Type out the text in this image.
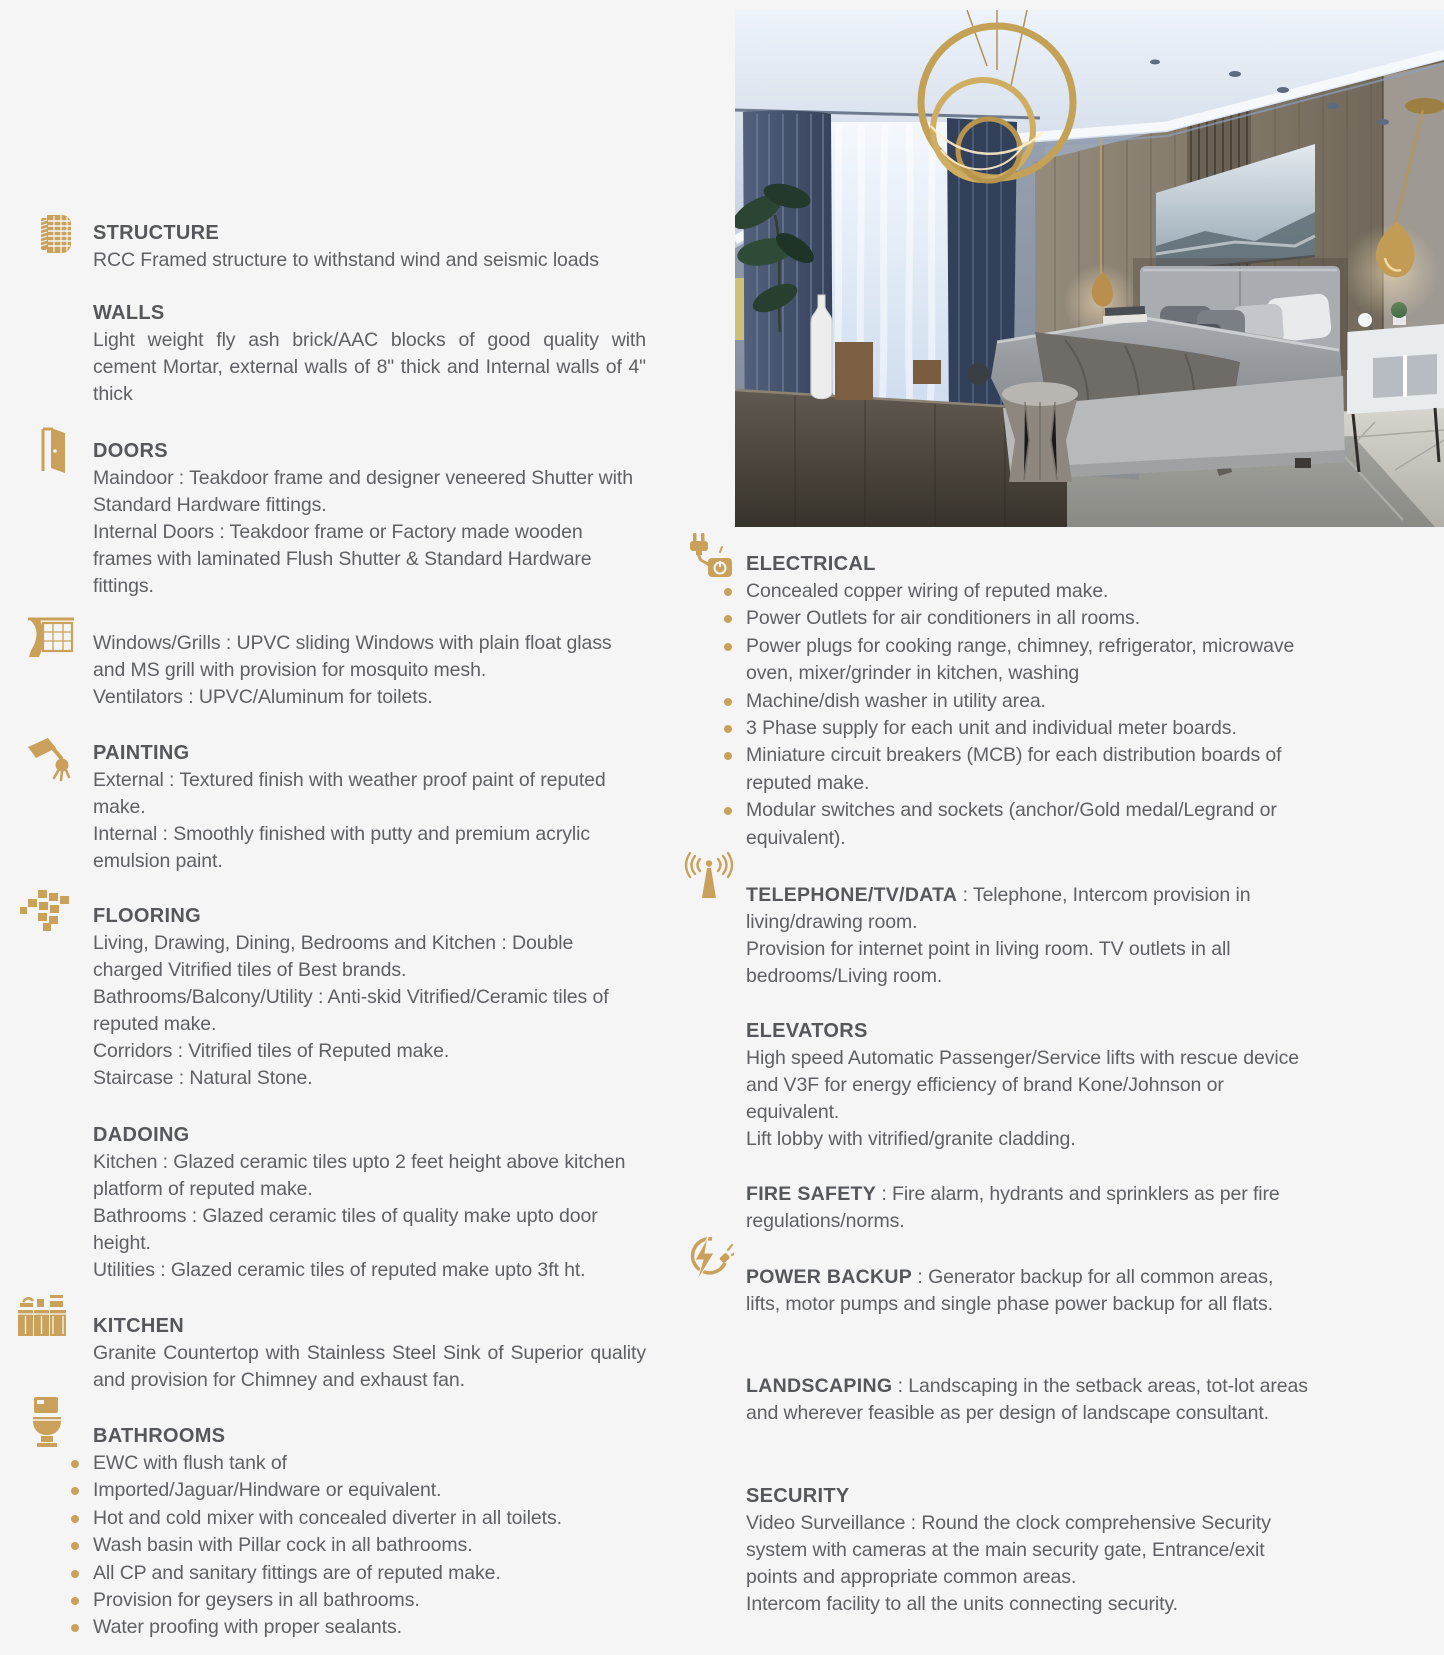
STRUCTURE

RCC Framed structure to withstand wind and seismic loads

WALLS

Light weight fly ash brick/AAC blocks of good quality with cement Mortar, external walls of 8" thick and Internal walls of 4" thick

DOORS

Maindoor : Teakdoor frame and designer veneered Shutter with Standard Hardware fittings.

Internal Doors : Teakdoor frame or Factory made wooden frames with laminated Flush Shutter & Standard Hardware fittings.

Windows/Grills : UPVC sliding Windows with plain float glass and MS grill with provision for mosquito mesh.

Ventilators : UPVC/Aluminum for toilets.

PAINTING

External : Textured finish with weather proof paint of reputed make.

Internal : Smoothly finished with putty and premium acrylic emulsion paint.

FLOORING

Living, Drawing, Dining, Bedrooms and Kitchen : Double charged Vitrified tiles of Best brands.

Bathrooms/Balcony/Utility : Anti-skid Vitrified/Ceramic tiles of reputed make.

Corridors : Vitrified tiles of Reputed make.

Staircase : Natural Stone.

DADOING

Kitchen : Glazed ceramic tiles upto 2 feet height above kitchen platform of reputed make.

Bathrooms : Glazed ceramic tiles of quality make upto door height.

Utilities : Glazed ceramic tiles of reputed make upto 3ft ht.

KITCHEN

Granite Countertop with Stainless Steel Sink of Superior quality and provision for Chimney and exhaust fan.

BATHROOMS
EWC with flush tank of
Imported/Jaguar/Hindware or equivalent.
Hot and cold mixer with concealed diverter in all toilets.
Wash basin with Pillar cock in all bathrooms.
All CP and sanitary fittings are of reputed make.
Provision for geysers in all bathrooms.
Water proofing with proper sealants.
ELECTRICAL
Concealed copper wiring of reputed make.
Power Outlets for air conditioners in all rooms.
Power plugs for cooking range, chimney, refrigerator, microwave oven, mixer/grinder in kitchen, washing
Machine/dish washer in utility area.
3 Phase supply for each unit and individual meter boards.
Miniature circuit breakers (MCB) for each distribution boards of reputed make.
Modular switches and sockets (anchor/Gold medal/Legrand or equivalent).

TELEPHONE/TV/DATA : Telephone, Intercom provision in living/drawing room.

Provision for internet point in living room. TV outlets in all bedrooms/Living room.

ELEVATORS

High speed Automatic Passenger/Service lifts with rescue device and V3F for energy efficiency of brand Kone/Johnson or equivalent.

Lift lobby with vitrified/granite cladding.

FIRE SAFETY : Fire alarm, hydrants and sprinklers as per fire regulations/norms.

POWER BACKUP : Generator backup for all common areas, lifts, motor pumps and single phase power backup for all flats.

LANDSCAPING : Landscaping in the setback areas, tot-lot areas and wherever feasible as per design of landscape consultant.

SECURITY

Video Surveillance : Round the clock comprehensive Security system with cameras at the main security gate, Entrance/exit points and appropriate common areas.

Intercom facility to all the units connecting security.
